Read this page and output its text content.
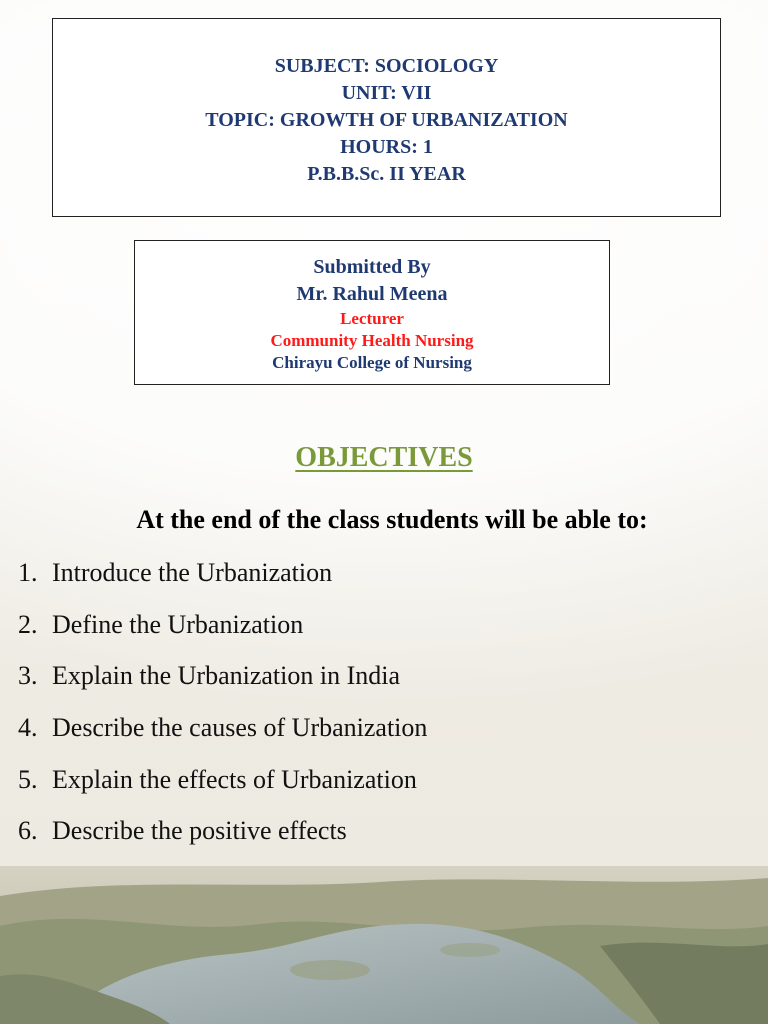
SUBJECT: SOCIOLOGY
UNIT: VII
TOPIC: GROWTH OF URBANIZATION
HOURS: 1
P.B.B.Sc. II YEAR
Submitted By
Mr. Rahul Meena
Lecturer
Community Health Nursing
Chirayu College of Nursing
OBJECTIVES
At the end of the class students will be able to:
1. Introduce the Urbanization
2. Define the Urbanization
3. Explain the Urbanization in India
4. Describe the causes of Urbanization
5. Explain the effects of Urbanization
6. Describe the positive effects
